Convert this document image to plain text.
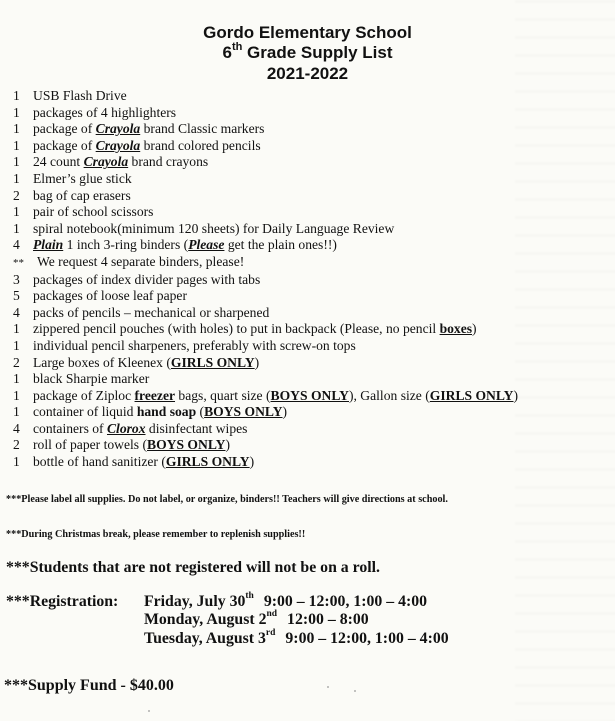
Gordo Elementary School
6th Grade Supply List
2021-2022
1 USB Flash Drive
1 packages of 4 highlighters
1 package of Crayola brand Classic markers
1 package of Crayola brand colored pencils
1 24 count Crayola brand crayons
1 Elmer’s glue stick
2 bag of cap erasers
1 pair of school scissors
1 spiral notebook(minimum 120 sheets) for Daily Language Review
4 Plain 1 inch 3-ring binders (Please get the plain ones!!)
** We request 4 separate binders, please!
3 packages of index divider pages with tabs
5 packages of loose leaf paper
4 packs of pencils – mechanical or sharpened
1 zippered pencil pouches (with holes) to put in backpack (Please, no pencil boxes)
1 individual pencil sharpeners, preferably with screw-on tops
2 Large boxes of Kleenex (GIRLS ONLY)
1 black Sharpie marker
1 package of Ziploc freezer bags, quart size (BOYS ONLY), Gallon size (GIRLS ONLY)
1 container of liquid hand soap (BOYS ONLY)
4 containers of Clorox disinfectant wipes
2 roll of paper towels (BOYS ONLY)
1 bottle of hand sanitizer (GIRLS ONLY)
***Please label all supplies. Do not label, or organize, binders!! Teachers will give directions at school.
***During Christmas break, please remember to replenish supplies!!
***Students that are not registered will not be on a roll.
***Registration:	Friday, July 30th 9:00 – 12:00, 1:00 – 4:00
Monday, August 2nd 12:00 – 8:00
Tuesday, August 3rd 9:00 – 12:00, 1:00 – 4:00
***Supply Fund - $40.00
